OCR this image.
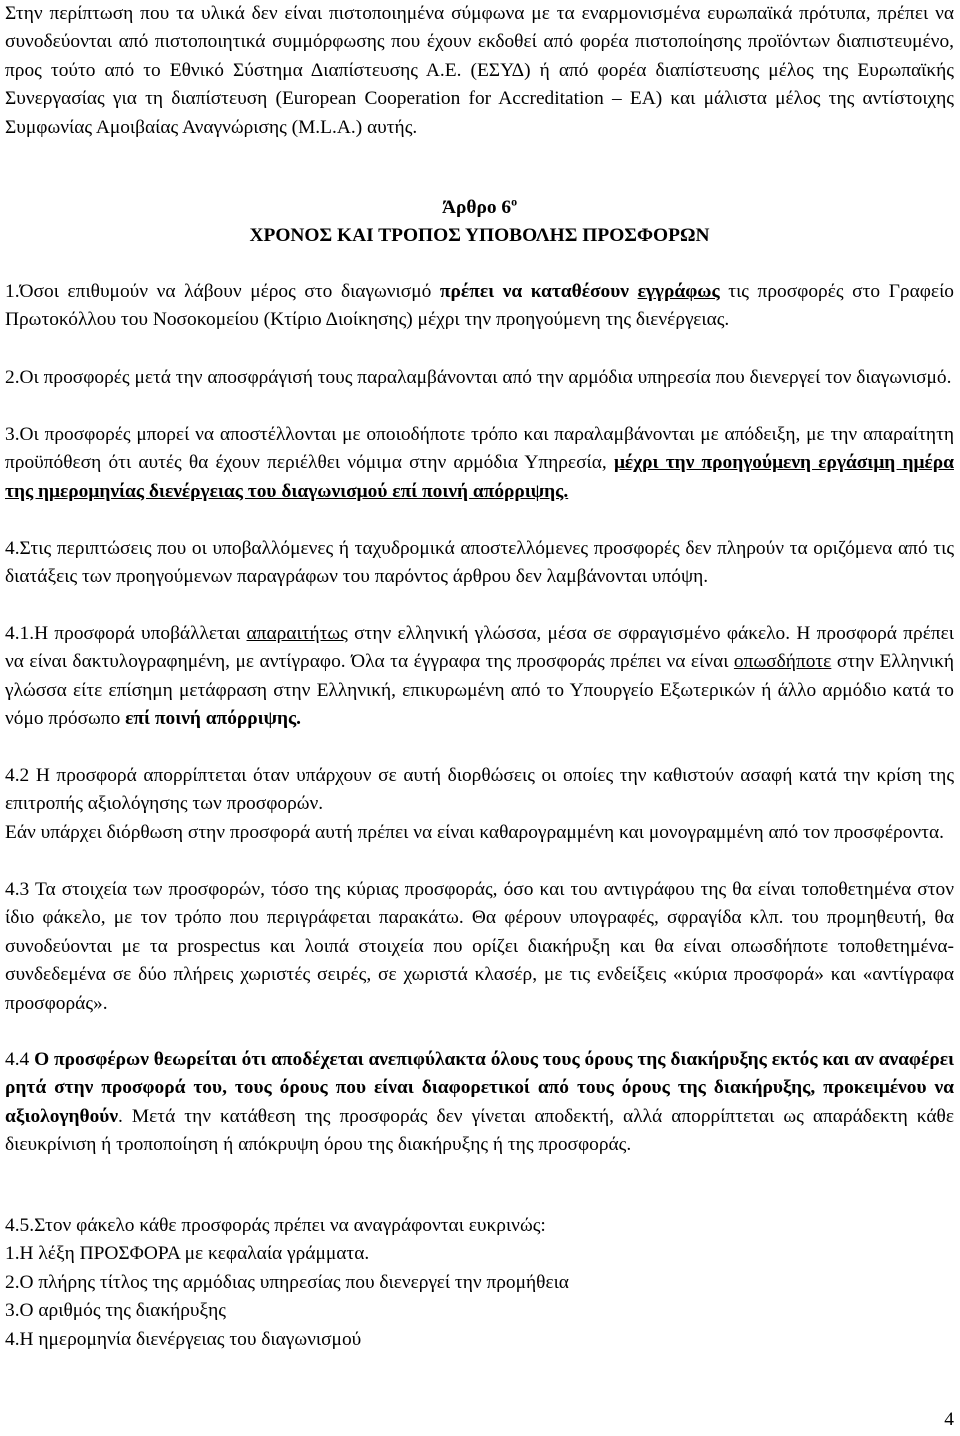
Στην περίπτωση που τα υλικά δεν είναι πιστοποιημένα σύμφωνα με τα εναρμονισμένα ευρωπαϊκά πρότυπα, πρέπει να συνοδεύονται από πιστοποιητικά συμμόρφωσης που έχουν εκδοθεί από φορέα πιστοποίησης προϊόντων διαπιστευμένο, προς τούτο από το Εθνικό Σύστημα Διαπίστευσης Α.Ε. (ΕΣΥΔ) ή από φορέα διαπίστευσης μέλος της Ευρωπαϊκής Συνεργασίας για τη διαπίστευση (European Cooperation for Accreditation – ΕΑ) και μάλιστα μέλος της αντίστοιχης Συμφωνίας Αμοιβαίας Αναγνώρισης (M.L.A.) αυτής.

Άρθρο $6^o$

ΧΡΟΝΟΣ ΚΑΙ ΤΡΟΠΟΣ ΥΠΟΒΟΛΗΣ ΠΡΟΣΦΟΡΩΝ

1.Όσοι επιθυμούν να λάβουν μέρος στο διαγωνισμό πρέπει να καταθέσουν εγγράφως τις προσφορές στο Γραφείο Πρωτοκόλλου του Νοσοκομείου (Κτίριο Διοίκησης) μέχρι την προηγούμενη της διενέργειας.

2.Οι προσφορές μετά την αποσφράγισή τους παραλαμβάνονται από την αρμόδια υπηρεσία που διενεργεί τον διαγωνισμό.

3.Οι προσφορές μπορεί να αποστέλλονται με οποιοδήποτε τρόπο και παραλαμβάνονται με απόδειξη, με την απαραίτητη προϋπόθεση ότι αυτές θα έχουν περιέλθει νόμιμα στην αρμόδια Υπηρεσία, μέχρι την προηγούμενη εργάσιμη ημέρα της ημερομηνίας διενέργειας του διαγωνισμού επί ποινή απόρριψης.

4.Στις περιπτώσεις που οι υποβαλλόμενες ή ταχυδρομικά αποστελλόμενες προσφορές δεν πληρούν τα οριζόμενα από τις διατάξεις των προηγούμενων παραγράφων του παρόντος άρθρου δεν λαμβάνονται υπόψη.

4.1.Η προσφορά υποβάλλεται απαραιτήτως στην ελληνική γλώσσα, μέσα σε σφραγισμένο φάκελο. Η προσφορά πρέπει να είναι δακτυλογραφημένη, με αντίγραφο. Όλα τα έγγραφα της προσφοράς πρέπει να είναι οπωσδήποτε στην Ελληνική γλώσσα είτε επίσημη μετάφραση στην Ελληνική, επικυρωμένη από το Υπουργείο Εξωτερικών ή άλλο αρμόδιο κατά το νόμο πρόσωπο επί ποινή απόρριψης.

4.2 Η προσφορά απορρίπτεται όταν υπάρχουν σε αυτή διορθώσεις οι οποίες την καθιστούν ασαφή κατά την κρίση της επιτροπής αξιολόγησης των προσφορών.

Εάν υπάρχει διόρθωση στην προσφορά αυτή πρέπει να είναι καθαρογραμμένη και μονογραμμένη από τον προσφέροντα.

4.3 Τα στοιχεία των προσφορών, τόσο της κύριας προσφοράς, όσο και του αντιγράφου της θα είναι τοποθετημένα στον ίδιο φάκελο, με τον τρόπο που περιγράφεται παρακάτω. Θα φέρουν υπογραφές, σφραγίδα κλπ. του προμηθευτή, θα συνοδεύονται με τα prospectus και λοιπά στοιχεία που ορίζει διακήρυξη και θα είναι οπωσδήποτε τοποθετημένα-συνδεδεμένα σε δύο πλήρεις χωριστές σειρές, σε χωριστά κλασέρ, με τις ενδείξεις «κύρια προσφορά» και «αντίγραφα προσφοράς».

4.4 Ο προσφέρων θεωρείται ότι αποδέχεται ανεπιφύλακτα όλους τους όρους της διακήρυξης εκτός και αν αναφέρει ρητά στην προσφορά του, τους όρους που είναι διαφορετικοί από τους όρους της διακήρυξης, προκειμένου να αξιολογηθούν. Μετά την κατάθεση της προσφοράς δεν γίνεται αποδεκτή, αλλά απορρίπτεται ως απαράδεκτη κάθε διευκρίνιση ή τροποποίηση ή απόκρυψη όρου της διακήρυξης ή της προσφοράς.

4.5.Στον φάκελο κάθε προσφοράς πρέπει να αναγράφονται ευκρινώς:

1.Η λέξη ΠΡΟΣΦΟΡΑ με κεφαλαία γράμματα.

2.Ο πλήρης τίτλος της αρμόδιας υπηρεσίας που διενεργεί την προμήθεια

3.Ο αριθμός της διακήρυξης

4.Η ημερομηνία διενέργειας του διαγωνισμού

4
